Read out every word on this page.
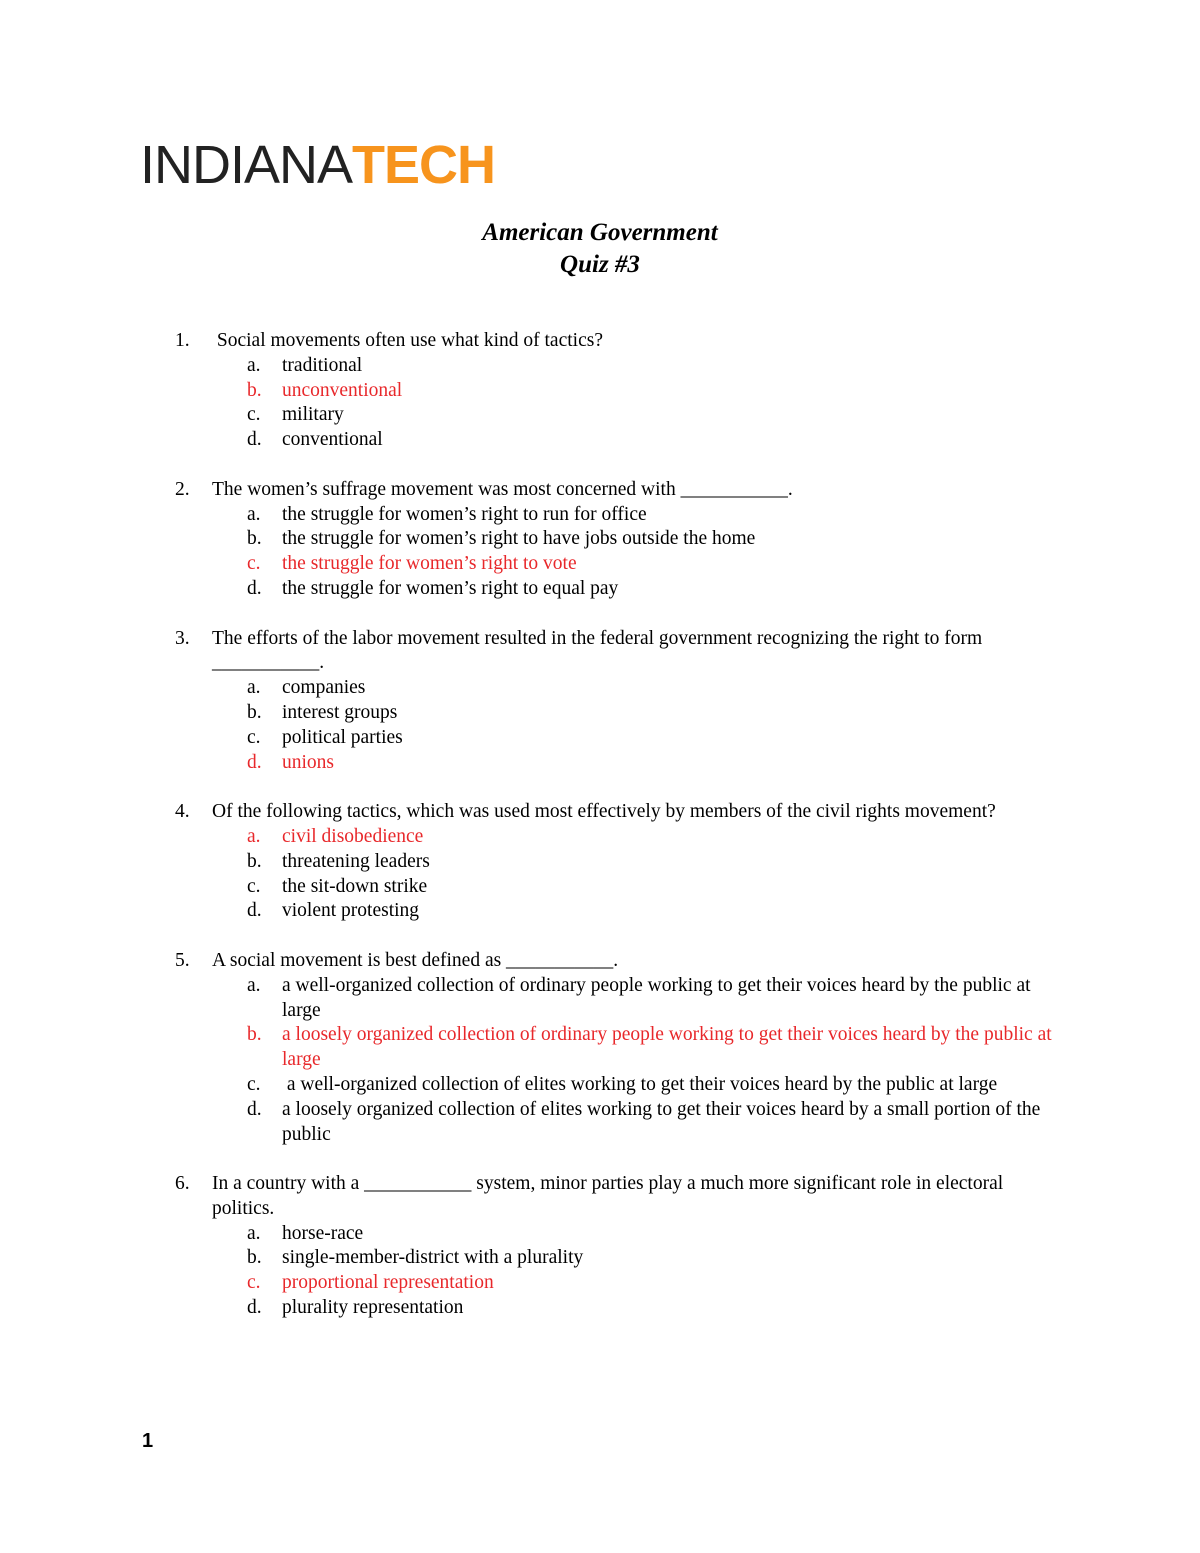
INDIANATECH
American Government
Quiz #3
1. Social movements often use what kind of tactics?
a. traditional
b. unconventional
c. military
d. conventional
2. The women’s suffrage movement was most concerned with ___________.
a. the struggle for women’s right to run for office
b. the struggle for women’s right to have jobs outside the home
c. the struggle for women’s right to vote
d. the struggle for women’s right to equal pay
3. The efforts of the labor movement resulted in the federal government recognizing the right to form ___________.
a. companies
b. interest groups
c. political parties
d. unions
4. Of the following tactics, which was used most effectively by members of the civil rights movement?
a. civil disobedience
b. threatening leaders
c. the sit-down strike
d. violent protesting
5. A social movement is best defined as ___________.
a. a well-organized collection of ordinary people working to get their voices heard by the public at large
b. a loosely organized collection of ordinary people working to get their voices heard by the public at large
c. a well-organized collection of elites working to get their voices heard by the public at large
d. a loosely organized collection of elites working to get their voices heard by a small portion of the public
6. In a country with a ___________ system, minor parties play a much more significant role in electoral politics.
a. horse-race
b. single-member-district with a plurality
c. proportional representation
d. plurality representation
1
